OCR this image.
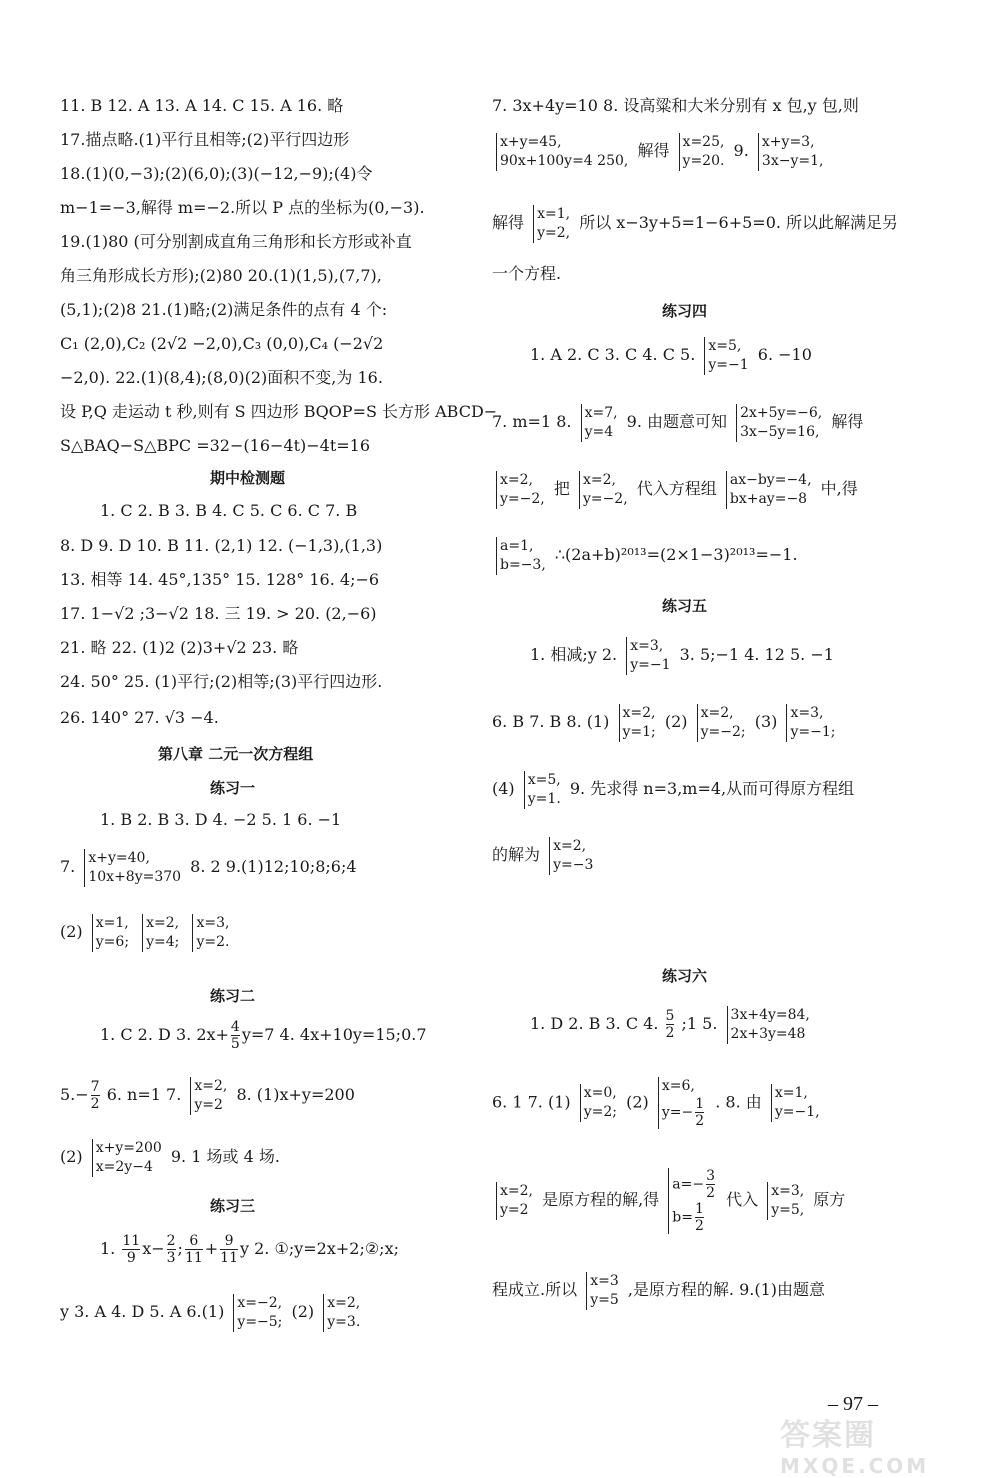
11. B 12. A 13. A 14. C 15. A 16. 略
17.描点略.(1)平行且相等;(2)平行四边形
18.(1)(0,−3);(2)(6,0);(3)(−12,−9);(4)令
m−1=−3,解得 m=−2.所以 P 点的坐标为(0,−3).
19.(1)80 (可分别割成直角三角形和长方形或补直
角三角形成长方形);(2)80 20.(1)(1,5),(7,7),
(5,1);(2)8 21.(1)略;(2)满足条件的点有 4 个:
C₁ (2,0),C₂ (2√2 −2,0),C₃ (0,0),C₄ (−2√2
−2,0). 22.(1)(8,4);(8,0)(2)面积不变,为 16.
设 P,Q 走运动 t 秒,则有 S 四边形 BQOP=S 长方形 ABCD−
S△BAQ−S△BPC =32−(16−4t)−4t=16
期中检测题
1. C 2. B 3. B 4. C 5. C 6. C 7. B
8. D 9. D 10. B 11. (2,1) 12. (−1,3),(1,3)
13. 相等 14. 45°,135° 15. 128° 16. 4;−6
17. 1−√2 ;3−√2 18. 三 19. > 20. (2,−6)
21. 略 22. (1)2 (2)3+√2 23. 略
24. 50° 25. (1)平行;(2)相等;(3)平行四边形.
26. 140° 27. √3 −4.
第八章 二元一次方程组
练习一
1. B 2. B 3. D 4. −2 5. 1 6. −1
7. x+y=40,
10x+8y=370
8. 2 9.(1)12;10;8;6;4
(2) x=1,
y=6;

x=2,
y=4;

x=3,
y=2.
练习二
1. C 2. D 3. $2x+ \frac{4}{5} y=7$ 4. 4x+10y=15;0.7
$5.- \frac{7}{2} 6$. n=1 7. x=2,
y=2
8. (1)x+y=200
(2) x+y=200
x=2y−4
9. 1 场或 4 场.
练习三
1. $\frac{11}{9} x- \frac{2}{3}$ ; $\frac{6}{11} + \frac{9}{11}$ y 2. ①;y=2x+2;②;x;
y 3. A 4. D 5. A 6.(1) x=−2,
y=−5;
(2) x=2,
y=3.
7. 3x+4y=10 8. 设高粱和大米分别有 x 包,y 包,则
x+y=45,
90x+100y=4 250,
解得 x=25,
y=20.
9. x+y=3,
3x−y=1,
解得 x=1,
y=2,
所以 x−3y+5=1−6+5=0. 所以此解满足另
一个方程.
练习四
1. A 2. C 3. C 4. C 5. x=5,
y=−1
6. −10
7. m=1 8. x=7,
y=4
9. 由题意可知 2x+5y=−6,
3x−5y=16,
解得
x=2,
y=−2,
把 x=2,
y=−2,
代入方程组 ax−by=−4,
bx+ay=−8
中,得
a=1,
b=−3,
∴(2a+b)²⁰¹³=(2×1−3)²⁰¹³=−1.
练习五
1. 相减;y 2. x=3,
y=−1
3. 5;−1 4. 12 5. −1
6. B 7. B 8. (1) x=2,
y=1;
(2) x=2,
y=−2;
(3) x=3,
y=−1;
(4) x=5,
y=1.
9. 先求得 n=3,m=4,从而可得原方程组
的解为 x=2,
y=−3
练习六
1. D 2. B 3. C 4. $\frac{5}{2}$ ;1 5. 3x+4y=84,
2x+3y=48
6. 1 7. (1) x=0,
y=2;
(2)
x=6,
$y=- \frac{1}{2}$ . 8. 由 x=1,
y=−1,
x=2,
y=2
是原方程的解,得
$a=- \frac{3}{2}$
$b= \frac{1}{2}$
代入 x=3,
y=5,
原方
程成立.所以 x=3
y=5
,是原方程的解. 9.(1)由题意
– 97 –
答案圈
MXQE.COM
